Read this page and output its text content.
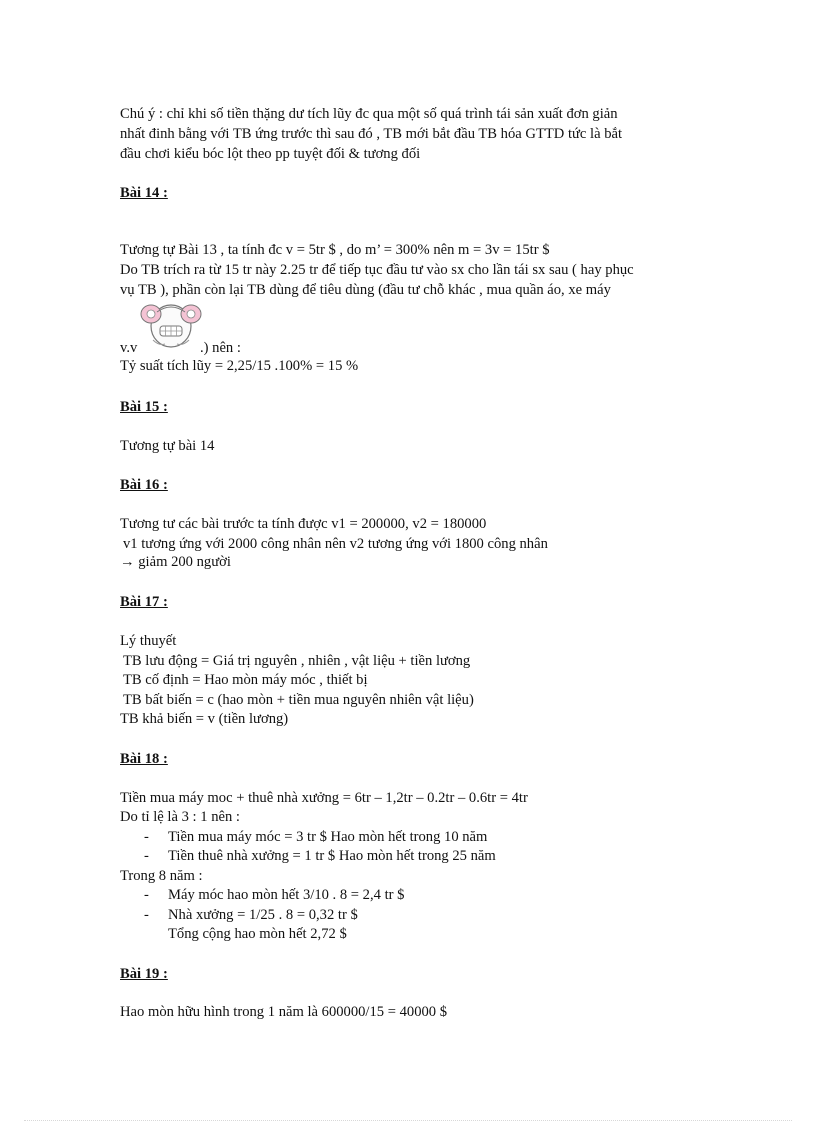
Chú ý : chỉ khi số tiền thặng dư tích lũy đc qua một số quá trình tái sản xuất đơn giản
nhất đinh bằng với TB ứng trước thì sau đó , TB mới bắt đầu TB hóa GTTD tức là bắt
đầu chơi kiểu bóc lột theo pp tuyệt đối & tương đối
Bài 14 :
Tương tự Bài 13 , ta tính đc v = 5tr $ , do m’ = 300% nên m = 3v = 15tr $
Do TB trích ra từ 15 tr này 2.25 tr để tiếp tục đầu tư vào sx cho lần tái sx sau ( hay phục
vụ TB ), phần còn lại TB dùng để tiêu dùng (đầu tư chỗ khác , mua quần áo, xe máy
v.v	.) nên :
Tỷ suất tích lũy = 2,25/15 .100% = 15 %
Bài 15 :
Tương tự bài 14
Bài 16 :
Tương tư các bài trước ta tính được v1 = 200000, v2 = 180000
v1 tương ứng với 2000 công nhân nên v2 tương ứng với 1800 công nhân
→ giảm 200 người
Bài 17 :
Lý thuyết
TB lưu động = Giá trị nguyên , nhiên , vật liệu + tiền lương
TB cố định = Hao mòn máy móc , thiết bị
TB bất biến = c (hao mòn + tiền mua nguyên nhiên vật liệu)
TB khả biến = v (tiền lương)
Bài 18 :
Tiền mua máy moc + thuê nhà xưởng = 6tr – 1,2tr – 0.2tr – 0.6tr = 4tr
Do tỉ lệ là 3 : 1 nên :
- Tiền mua máy móc = 3 tr $ Hao mòn hết trong 10 năm
- Tiền thuê nhà xưởng = 1 tr $ Hao mòn hết trong 25 năm
Trong 8 năm :
- Máy móc hao mòn hết 3/10 . 8 = 2,4 tr $
- Nhà xưởng = 1/25 . 8 = 0,32 tr $
Tổng cộng hao mòn hết 2,72 $
Bài 19 :
Hao mòn hữu hình trong 1 năm là 600000/15 = 40000 $
